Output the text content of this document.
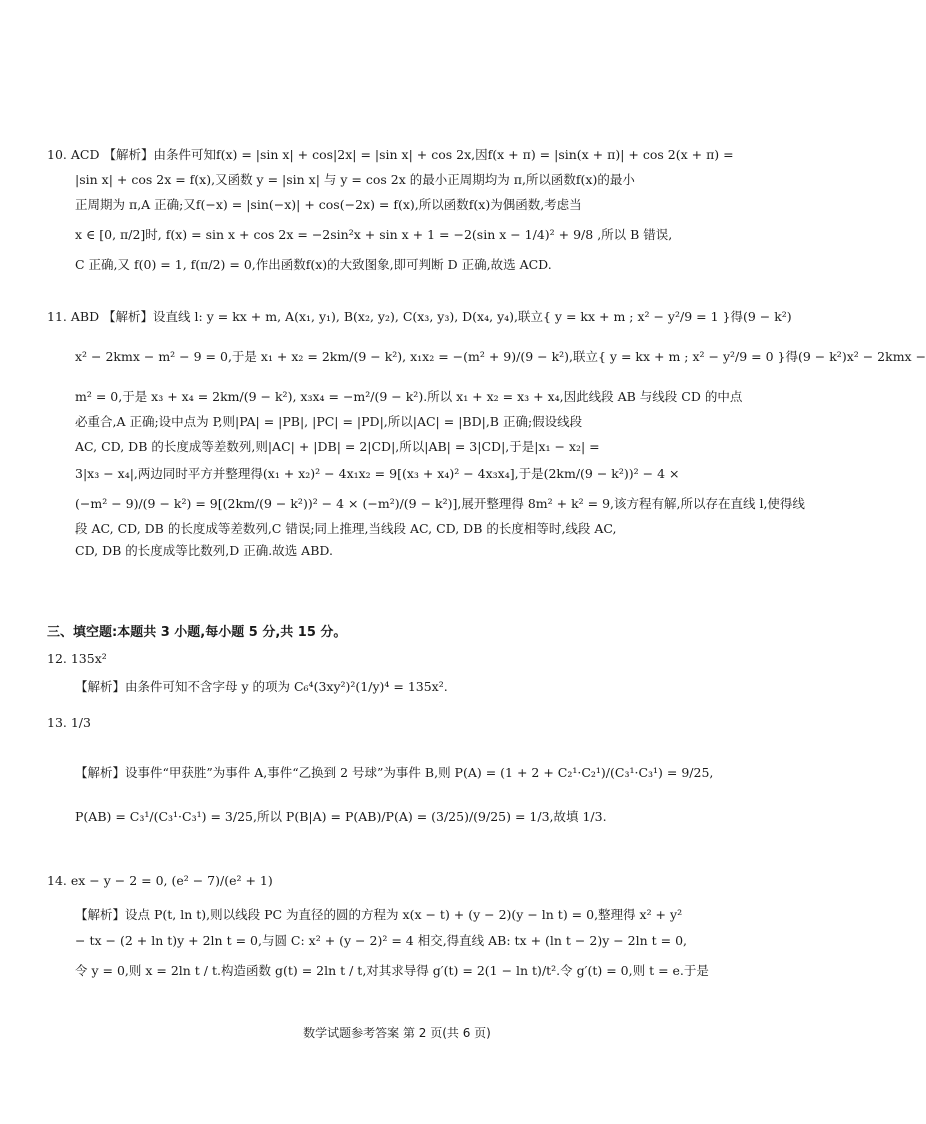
10. ACD 【解析】由条件可知f(x) = |sin x| + cos|2x| = |sin x| + cos 2x,因f(x + π) = |sin(x + π)| + cos 2(x + π) =
|sin x| + cos 2x = f(x),又函数 y = |sin x| 与 y = cos 2x 的最小正周期均为 π,所以函数f(x)的最小
正周期为 π,A 正确;又f(−x) = |sin(−x)| + cos(−2x) = f(x),所以函数f(x)为偶函数,考虑当
x ∈ [0, π/2]时, f(x) = sin x + cos 2x = −2sin²x + sin x + 1 = −2(sin x − 1/4)² + 9/8 ,所以 B 错误,
C 正确,又 f(0) = 1, f(π/2) = 0,作出函数f(x)的大致图象,即可判断 D 正确,故选 ACD.
11. ABD 【解析】设直线 l: y = kx + m, A(x₁, y₁), B(x₂, y₂), C(x₃, y₃), D(x₄, y₄),联立{ y = kx + m ; x² − y²/9 = 1 }得(9 − k²)
x² − 2kmx − m² − 9 = 0,于是 x₁ + x₂ = 2km/(9 − k²), x₁x₂ = −(m² + 9)/(9 − k²),联立{ y = kx + m ; x² − y²/9 = 0 }得(9 − k²)x² − 2kmx −
m² = 0,于是 x₃ + x₄ = 2km/(9 − k²), x₃x₄ = −m²/(9 − k²).所以 x₁ + x₂ = x₃ + x₄,因此线段 AB 与线段 CD 的中点
必重合,A 正确;设中点为 P,则|PA| = |PB|, |PC| = |PD|,所以|AC| = |BD|,B 正确;假设线段
AC, CD, DB 的长度成等差数列,则|AC| + |DB| = 2|CD|,所以|AB| = 3|CD|,于是|x₁ − x₂| =
3|x₃ − x₄|,两边同时平方并整理得(x₁ + x₂)² − 4x₁x₂ = 9[(x₃ + x₄)² − 4x₃x₄],于是(2km/(9 − k²))² − 4 ×
(−m² − 9)/(9 − k²) = 9[(2km/(9 − k²))² − 4 × (−m²)/(9 − k²)],展开整理得 8m² + k² = 9,该方程有解,所以存在直线 l,使得线
段 AC, CD, DB 的长度成等差数列,C 错误;同上推理,当线段 AC, CD, DB 的长度相等时,线段 AC,
CD, DB 的长度成等比数列,D 正确.故选 ABD.
三、填空题:本题共 3 小题,每小题 5 分,共 15 分。
12. 135x²
【解析】由条件可知不含字母 y 的项为 C₆⁴(3xy²)²(1/y)⁴ = 135x².
13. 1/3
【解析】设事件“甲获胜”为事件 A,事件“乙换到 2 号球”为事件 B,则 P(A) = (1 + 2 + C₂¹·C₂¹)/(C₃¹·C₃¹) = 9/25,
P(AB) = C₃¹/(C₃¹·C₃¹) = 3/25,所以 P(B|A) = P(AB)/P(A) = (3/25)/(9/25) = 1/3,故填 1/3.
14. ex − y − 2 = 0, (e² − 7)/(e² + 1)
【解析】设点 P(t, ln t),则以线段 PC 为直径的圆的方程为 x(x − t) + (y − 2)(y − ln t) = 0,整理得 x² + y²
− tx − (2 + ln t)y + 2ln t = 0,与圆 C: x² + (y − 2)² = 4 相交,得直线 AB: tx + (ln t − 2)y − 2ln t = 0,
令 y = 0,则 x = 2ln t / t.构造函数 g(t) = 2ln t / t,对其求导得 g′(t) = 2(1 − ln t)/t².令 g′(t) = 0,则 t = e.于是
数学试题参考答案 第 2 页(共 6 页)
